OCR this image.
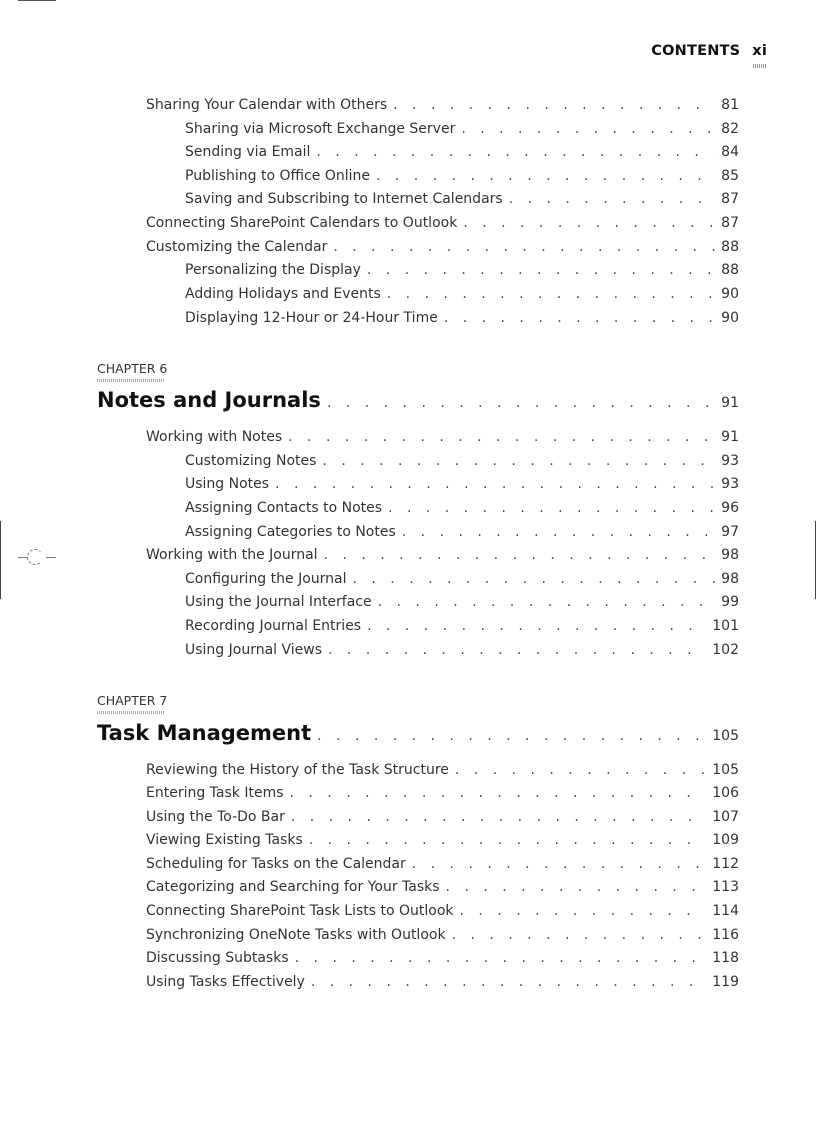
CONTENTS xi
Sharing Your Calendar with Others . . .	81
Sharing via Microsoft Exchange Server . . .	82
Sending via Email . . .	84
Publishing to Office Online . . .	85
Saving and Subscribing to Internet Calendars . . .	87
Connecting SharePoint Calendars to Outlook . . .	87
Customizing the Calendar . . .	88
Personalizing the Display . . .	88
Adding Holidays and Events . . .	90
Displaying 12-Hour or 24-Hour Time . . .	90
CHAPTER 6
Notes and Journals . . .	91
Working with Notes . . .	91
Customizing Notes . . .	93
Using Notes . . .	93
Assigning Contacts to Notes . . .	96
Assigning Categories to Notes . . .	97
Working with the Journal . . .	98
Configuring the Journal . . .	98
Using the Journal Interface . . .	99
Recording Journal Entries . . .	101
Using Journal Views . . .	102
CHAPTER 7
Task Management . . .	105
Reviewing the History of the Task Structure . . .	105
Entering Task Items . . .	106
Using the To-Do Bar . . .	107
Viewing Existing Tasks . . .	109
Scheduling for Tasks on the Calendar . . .	112
Categorizing and Searching for Your Tasks . . .	113
Connecting SharePoint Task Lists to Outlook . . .	114
Synchronizing OneNote Tasks with Outlook . . .	116
Discussing Subtasks . . .	118
Using Tasks Effectively . . .	119
